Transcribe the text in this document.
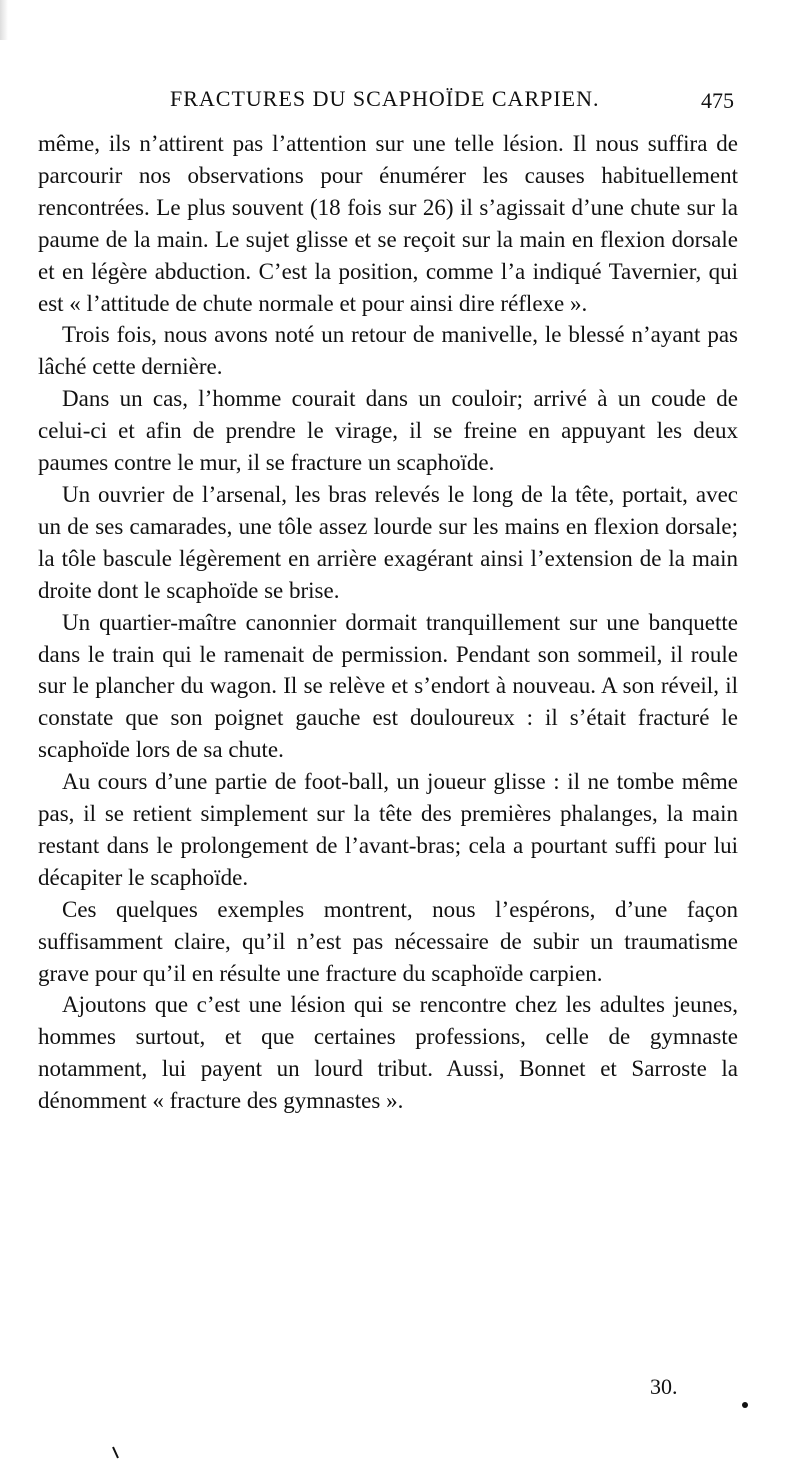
FRACTURES DU SCAPHOÏDE CARPIEN.	475

même, ils n’attirent pas l’attention sur une telle lésion. Il nous suffira de parcourir nos observations pour énumérer les causes habituellement rencontrées. Le plus souvent (18 fois sur 26) il s’agissait d’une chute sur la paume de la main. Le sujet glisse et se reçoit sur la main en flexion dorsale et en légère abduction. C’est la position, comme l’a indiqué Tavernier, qui est « l’attitude de chute normale et pour ainsi dire réflexe ».

Trois fois, nous avons noté un retour de manivelle, le blessé n’ayant pas lâché cette dernière.

Dans un cas, l’homme courait dans un couloir; arrivé à un coude de celui-ci et afin de prendre le virage, il se freine en appuyant les deux paumes contre le mur, il se fracture un scaphoïde.

Un ouvrier de l’arsenal, les bras relevés le long de la tête, portait, avec un de ses camarades, une tôle assez lourde sur les mains en flexion dorsale; la tôle bascule légèrement en arrière exagérant ainsi l’extension de la main droite dont le scaphoïde se brise.

Un quartier-maître canonnier dormait tranquillement sur une banquette dans le train qui le ramenait de permission. Pendant son sommeil, il roule sur le plancher du wagon. Il se relève et s’endort à nouveau. A son réveil, il constate que son poignet gauche est douloureux : il s’était fracturé le scaphoïde lors de sa chute.

Au cours d’une partie de foot-ball, un joueur glisse : il ne tombe même pas, il se retient simplement sur la tête des premières phalanges, la main restant dans le prolongement de l’avant-bras; cela a pourtant suffi pour lui décapiter le scaphoïde.

Ces quelques exemples montrent, nous l’espérons, d’une façon suffisamment claire, qu’il n’est pas nécessaire de subir un traumatisme grave pour qu’il en résulte une fracture du scaphoïde carpien.

Ajoutons que c’est une lésion qui se rencontre chez les adultes jeunes, hommes surtout, et que certaines professions, celle de gymnaste notamment, lui payent un lourd tribut. Aussi, Bonnet et Sarroste la dénomment « fracture des gymnastes ».

30.
